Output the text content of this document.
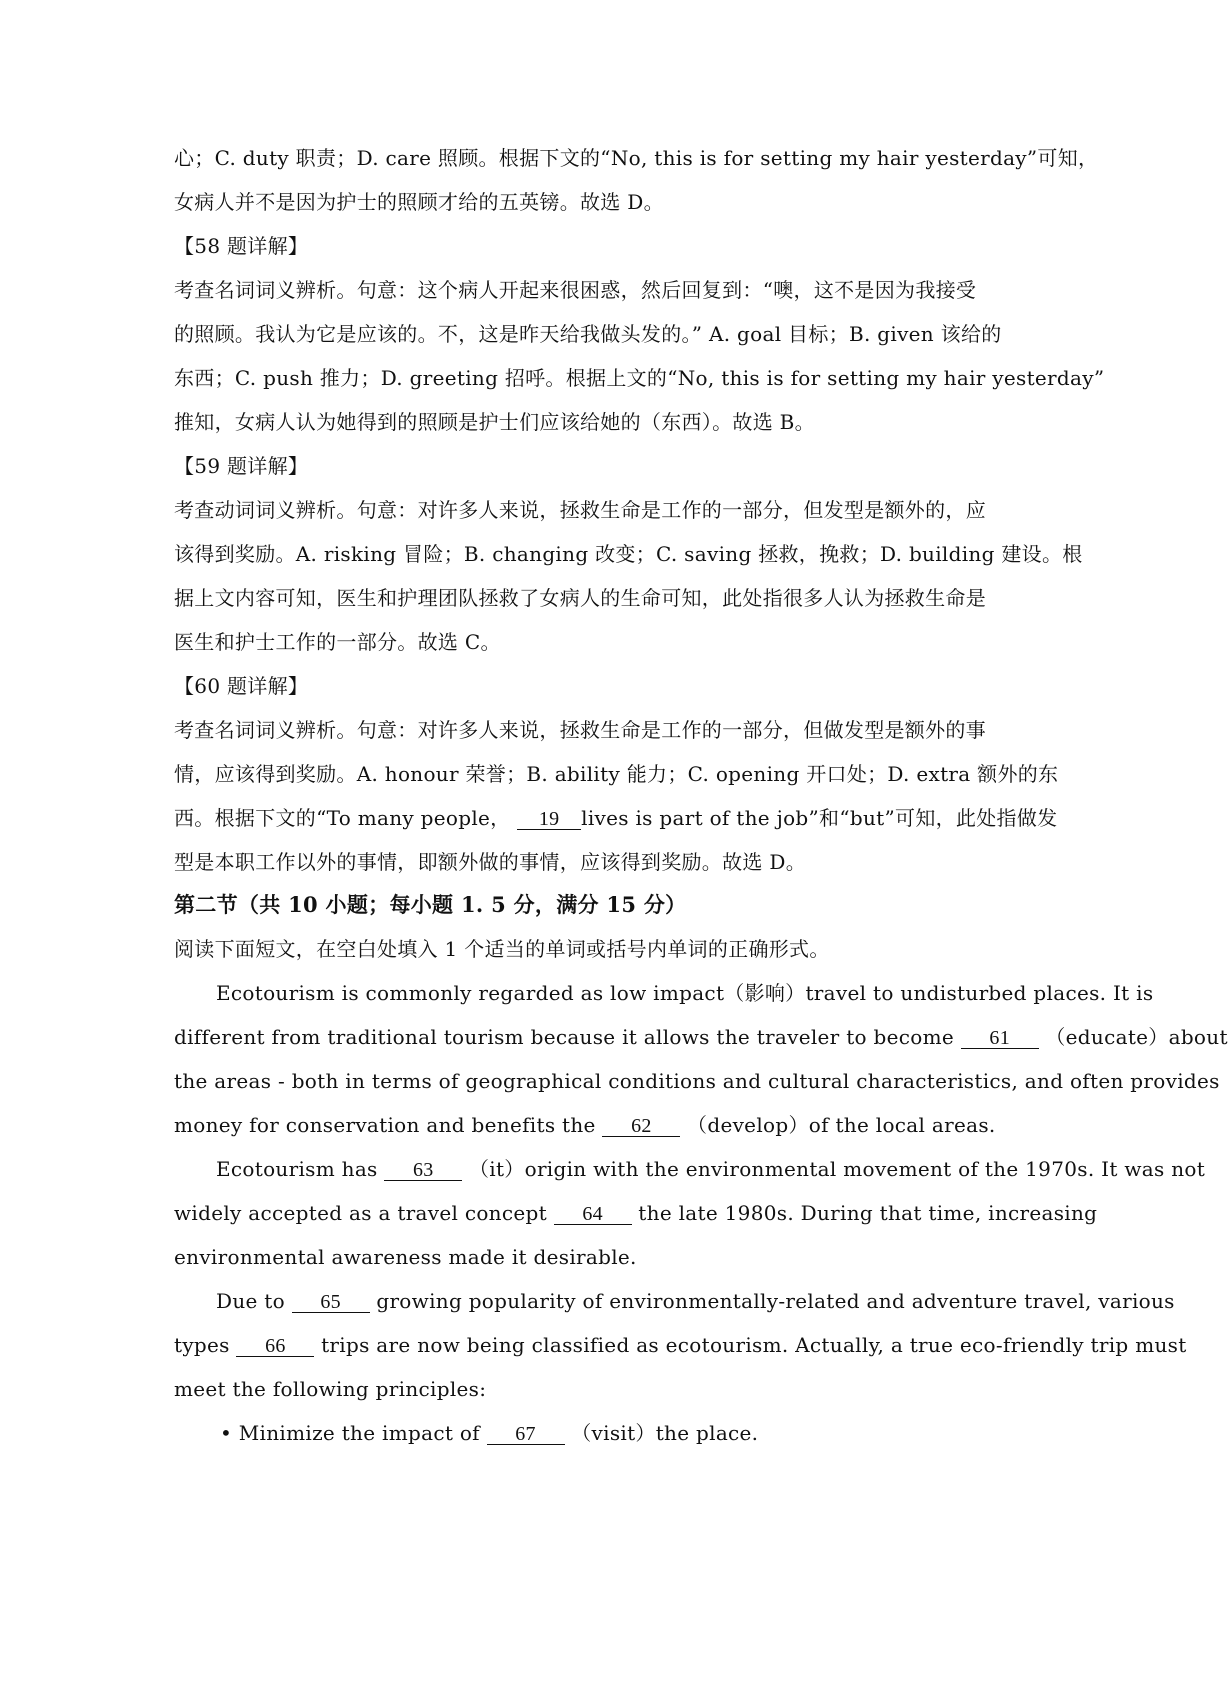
心；C. duty 职责；D. care 照顾。根据下文的“No, this is for setting my hair yesterday”可知，
女病人并不是因为护士的照顾才给的五英镑。故选 D。
【58 题详解】
考查名词词义辨析。句意：这个病人开起来很困惑，然后回复到：“噢，这不是因为我接受
的照顾。我认为它是应该的。不，这是昨天给我做头发的。” A. goal 目标；B. given 该给的
东西；C. push 推力；D. greeting 招呼。根据上文的“No, this is for setting my hair yesterday”
推知，女病人认为她得到的照顾是护士们应该给她的（东西）。故选 B。
【59 题详解】
考查动词词义辨析。句意：对许多人来说，拯救生命是工作的一部分，但发型是额外的，应
该得到奖励。A. risking 冒险；B. changing 改变；C. saving 拯救，挽救；D. building 建设。根
据上文内容可知，医生和护理团队拯救了女病人的生命可知，此处指很多人认为拯救生命是
医生和护士工作的一部分。故选 C。
【60 题详解】
考查名词词义辨析。句意：对许多人来说，拯救生命是工作的一部分，但做发型是额外的事
情，应该得到奖励。A. honour 荣誉；B. ability 能力；C. opening 开口处；D. extra 额外的东
西。根据下文的“To many people， 19 lives is part of the job”和“but”可知，此处指做发
型是本职工作以外的事情，即额外做的事情，应该得到奖励。故选 D。
第二节（共 10 小题；每小题 1. 5 分，满分 15 分）
阅读下面短文，在空白处填入 1 个适当的单词或括号内单词的正确形式。
Ecotourism is commonly regarded as low impact（影响）travel to undisturbed places. It is
different from traditional tourism because it allows the traveler to become 61 （educate）about
the areas - both in terms of geographical conditions and cultural characteristics, and often provides
money for conservation and benefits the 62 （develop）of the local areas.
Ecotourism has 63 （it）origin with the environmental movement of the 1970s. It was not
widely accepted as a travel concept 64 the late 1980s. During that time, increasing
environmental awareness made it desirable.
Due to 65 growing popularity of environmentally-related and adventure travel, various
types 66 trips are now being classified as ecotourism. Actually, a true eco-friendly trip must
meet the following principles:
• Minimize the impact of 67 （visit）the place.
